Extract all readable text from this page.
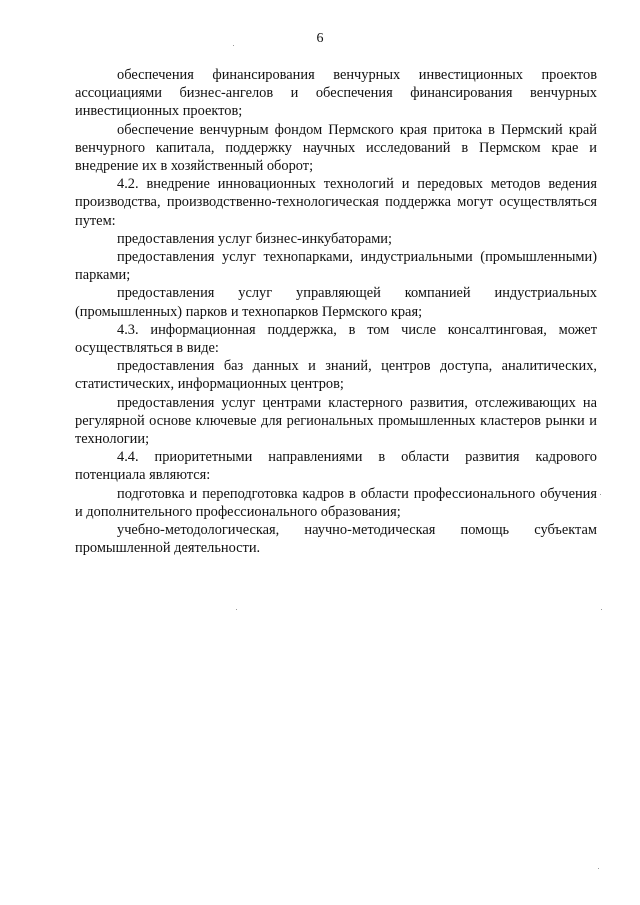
6

обеспечения финансирования венчурных инвестиционных проектов ассоциациями бизнес-ангелов и обеспечения финансирования венчурных инвестиционных проектов;

обеспечение венчурным фондом Пермского края притока в Пермский край венчурного капитала, поддержку научных исследований в Пермском крае и внедрение их в хозяйственный оборот;

4.2. внедрение инновационных технологий и передовых методов ведения производства, производственно-технологическая поддержка могут осуществляться путем:

предоставления услуг бизнес-инкубаторами;

предоставления услуг технопарками, индустриальными (промышленными) парками;

предоставления услуг управляющей компанией индустриальных (промышленных) парков и технопарков Пермского края;

4.3. информационная поддержка, в том числе консалтинговая, может осуществляться в виде:

предоставления баз данных и знаний, центров доступа, аналитических, статистических, информационных центров;

предоставления услуг центрами кластерного развития, отслеживающих на регулярной основе ключевые для региональных промышленных кластеров рынки и технологии;

4.4. приоритетными направлениями в области развития кадрового потенциала являются:

подготовка и переподготовка кадров в области профессионального обучения и дополнительного профессионального образования;

учебно-методологическая, научно-методическая помощь субъектам промышленной деятельности.
